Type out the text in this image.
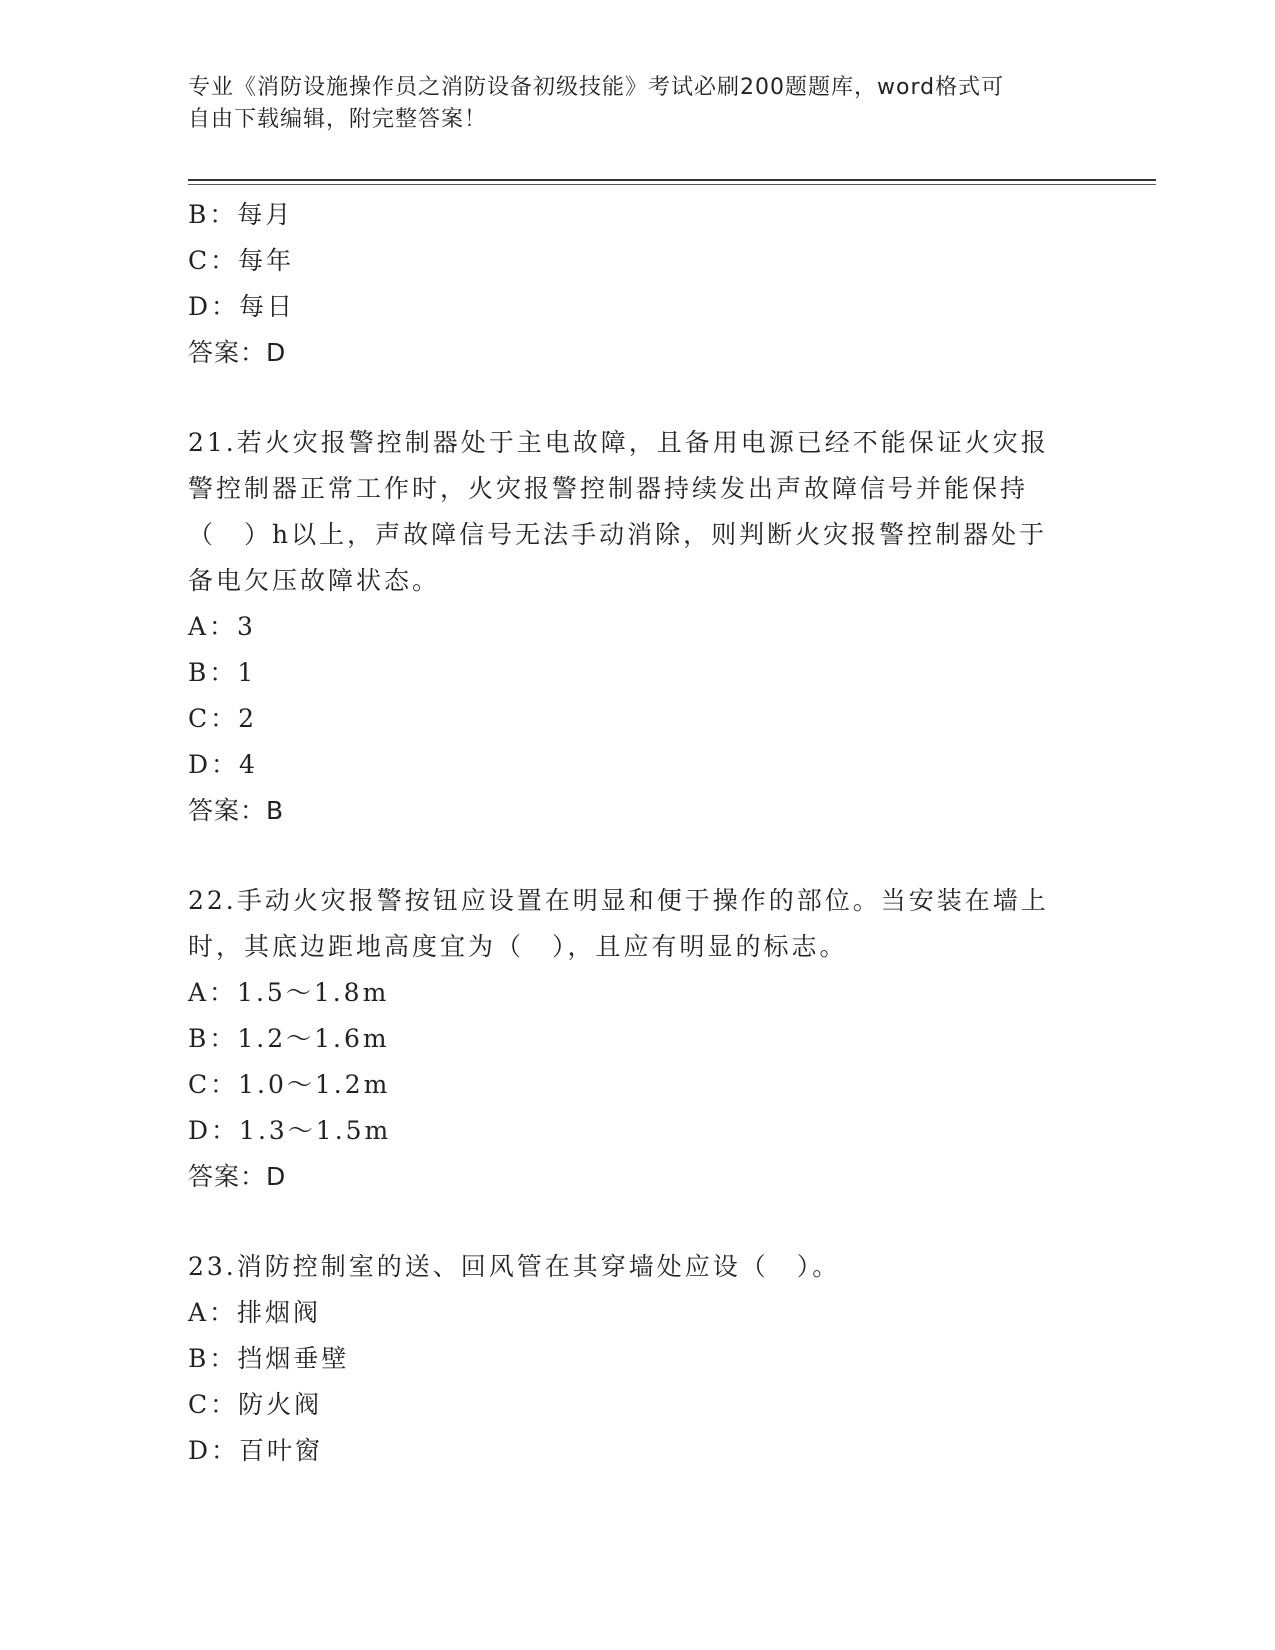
专业《消防设施操作员之消防设备初级技能》考试必刷200题题库，word格式可
自由下载编辑，附完整答案！
B：每月
C：每年
D：每日
答案：D
21.若火灾报警控制器处于主电故障，且备用电源已经不能保证火灾报
警控制器正常工作时，火灾报警控制器持续发出声故障信号并能保持
（　）h以上，声故障信号无法手动消除，则判断火灾报警控制器处于
备电欠压故障状态。
A：3
B：1
C：2
D：4
答案：B
22.手动火灾报警按钮应设置在明显和便于操作的部位。当安装在墙上
时，其底边距地高度宜为（　），且应有明显的标志。
A：1.5～1.8m
B：1.2～1.6m
C：1.0～1.2m
D：1.3～1.5m
答案：D
23.消防控制室的送、回风管在其穿墙处应设（　）。
A：排烟阀
B：挡烟垂壁
C：防火阀
D：百叶窗
